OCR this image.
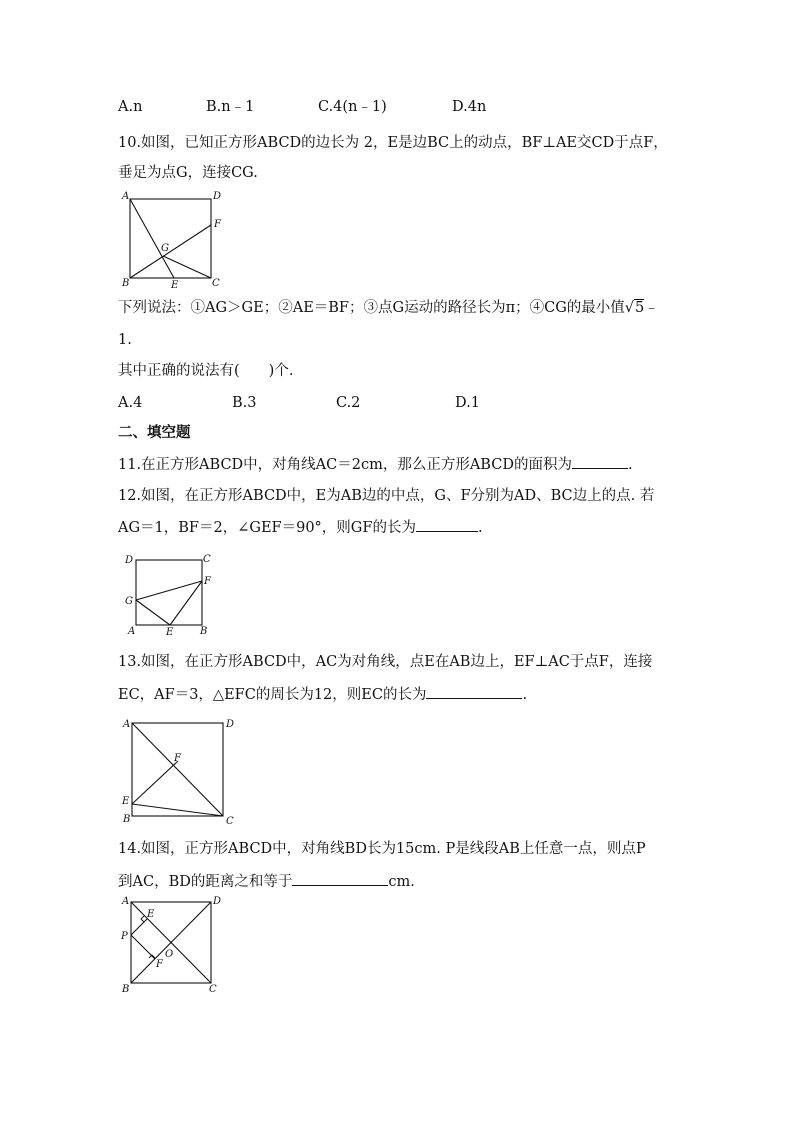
A.n	B.n﹣1	C.4(n﹣1)	D.4n
10.如图，已知正方形ABCD的边长为 2，E是边BC上的动点，BF⊥AE交CD于点F，
垂足为点G，连接CG.
A	D
F
G
B	E	C
下列说法：①AG＞GE；②AE＝BF；③点G运动的路径长为π；④CG的最小值√5﹣
1.
其中正确的说法有(　　)个.
A.4	B.3	C.2	D.1
二、填空题
11.在正方形ABCD中，对角线AC＝2cm，那么正方形ABCD的面积为	.
12.如图，在正方形ABCD中，E为AB边的中点，G、F分别为AD、BC边上的点. 若
AG＝1，BF＝2，∠GEF＝90°，则GF的长为	.
D	C
F
G
A	E	B
13.如图，在正方形ABCD中，AC为对角线，点E在AB边上，EF⊥AC于点F，连接
EC，AF＝3，△EFC的周长为12，则EC的长为	.
A	D
F
E
B	C
14.如图，正方形ABCD中，对角线BD长为15cm. P是线段AB上任意一点，则点P
到AC，BD的距离之和等于	cm.
A	D
E
P
O
F
B	C
